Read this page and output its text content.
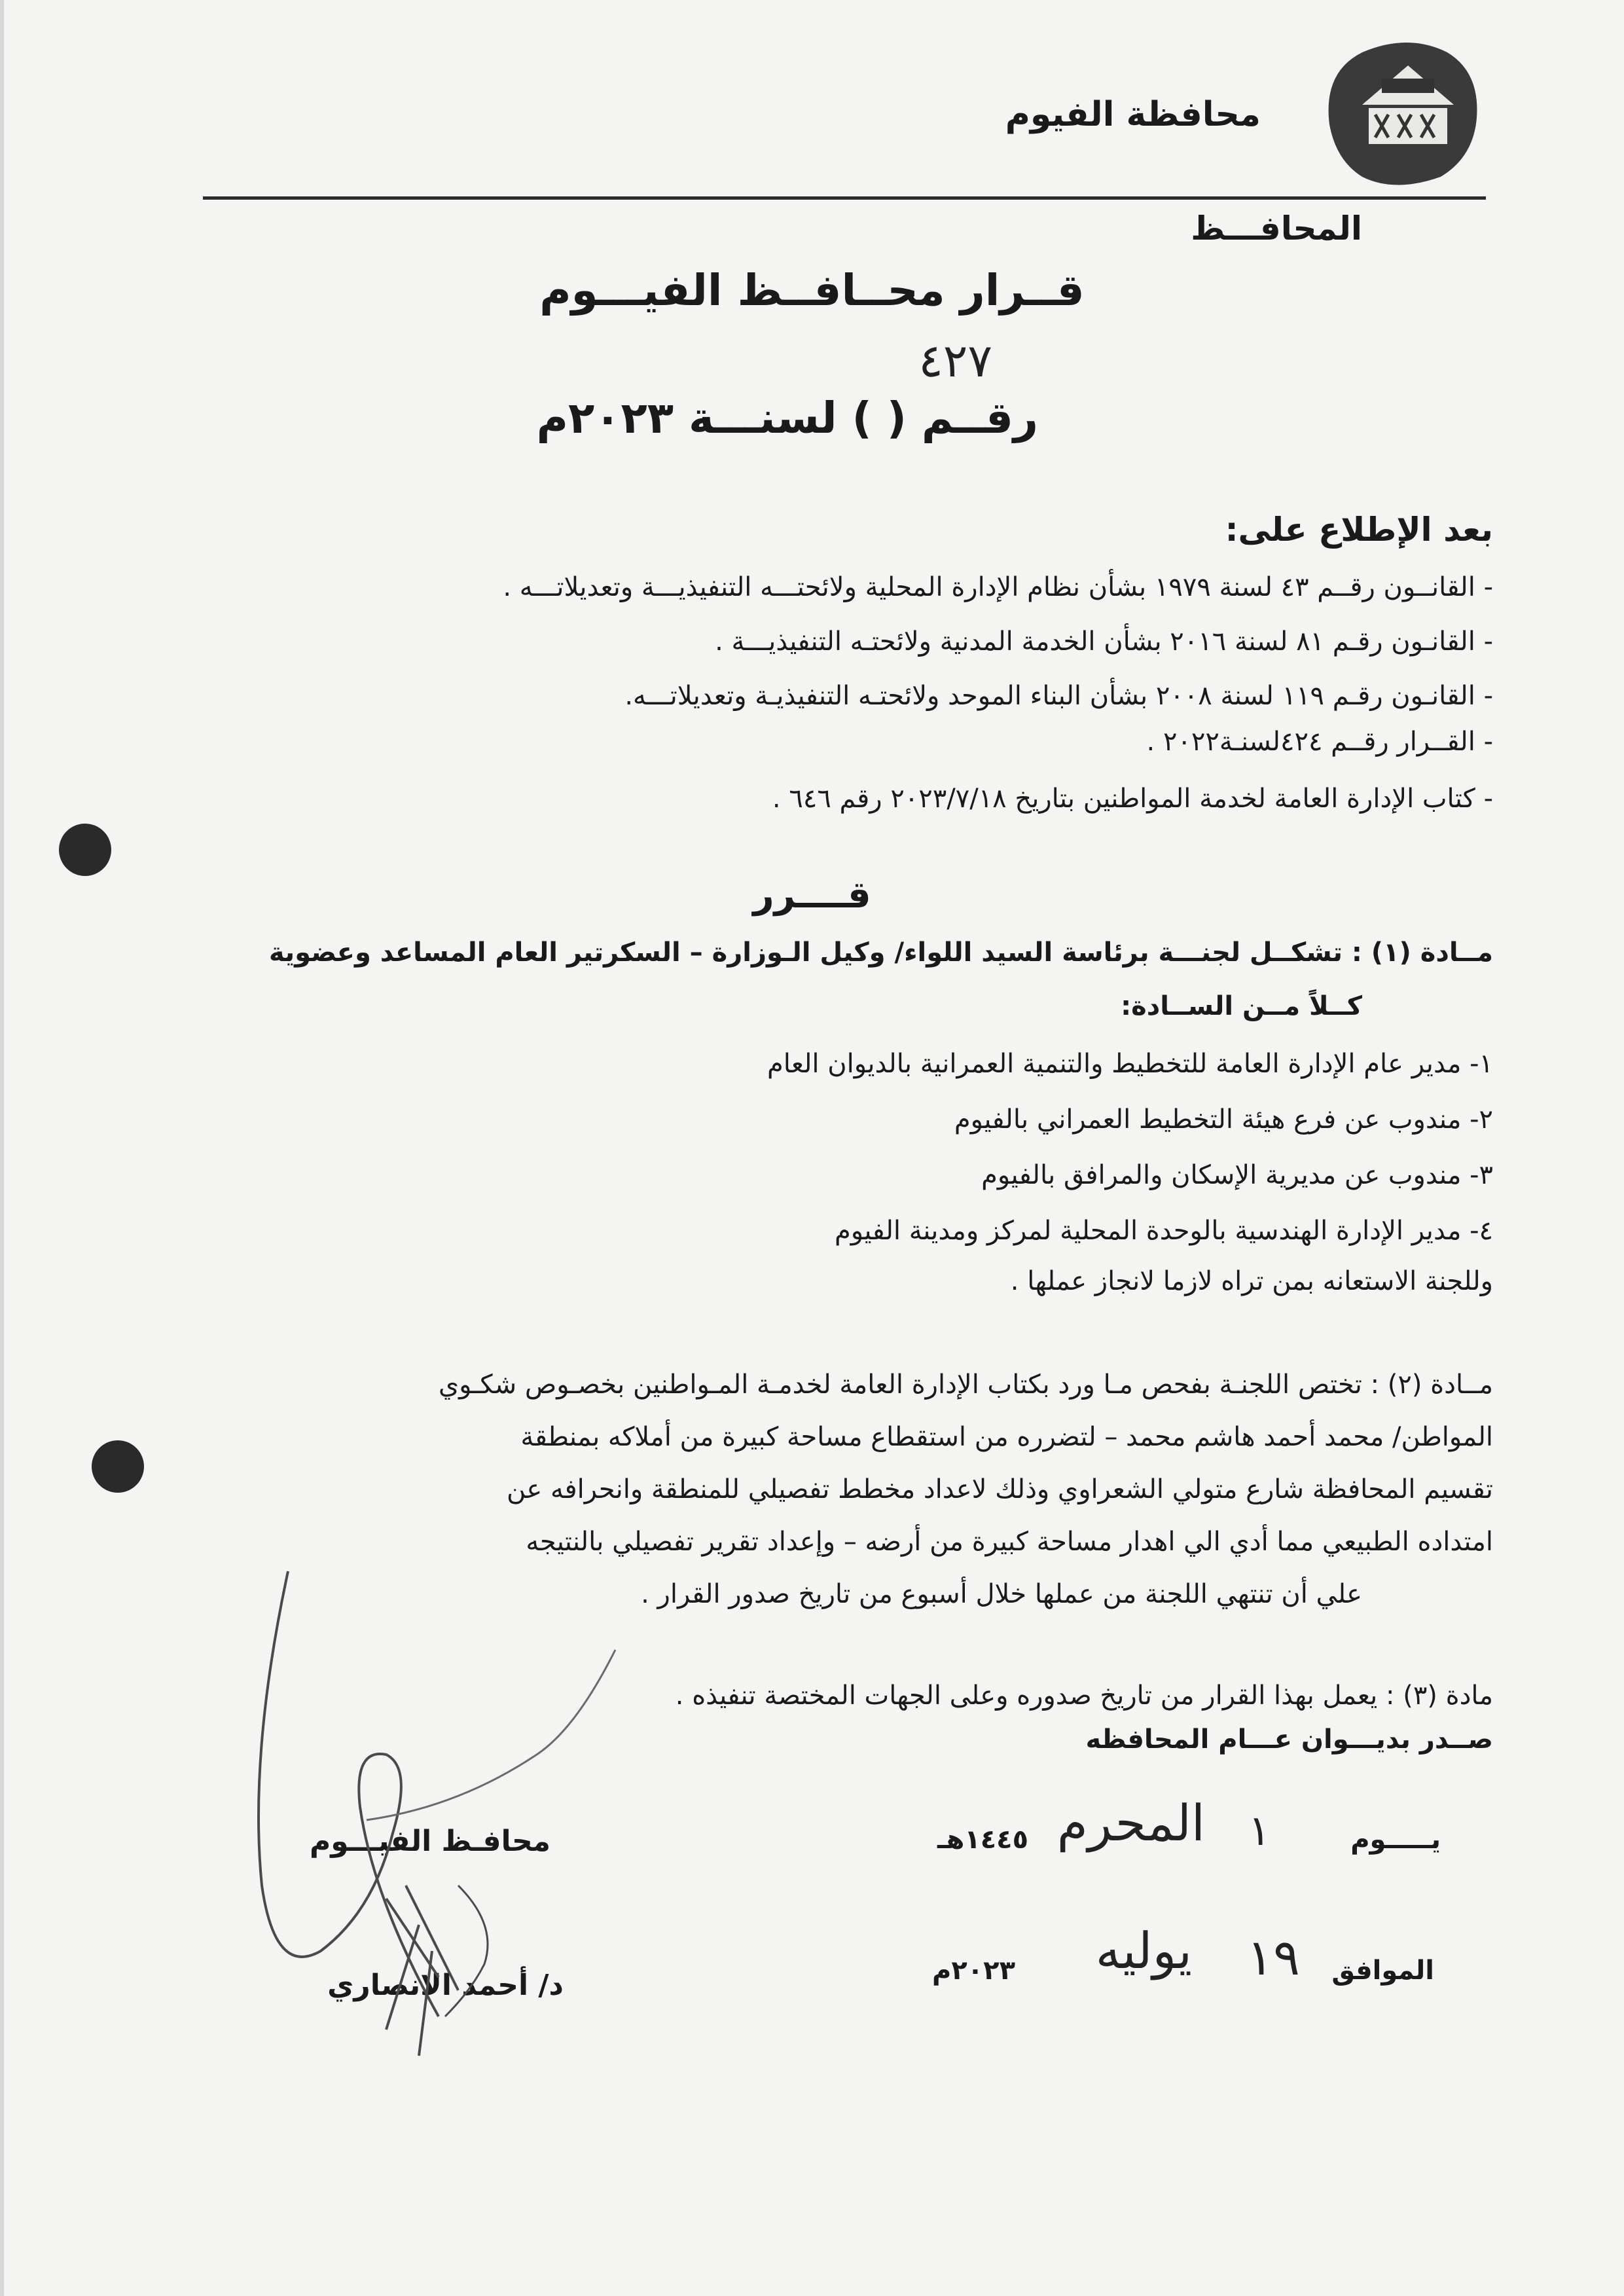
محافظة الفيوم
المحافـــظ
قــرار محــافــظ الفيـــوم
٤٢٧
رقــم ( ) لسنـــة ٢٠٢٣م
بعد الإطلاع على:
- القانــون رقــم ٤٣ لسنة ١٩٧٩ بشأن نظام الإدارة المحلية ولائحتـــه التنفيذيـــة وتعديلاتـــه .
- القانـون رقـم ٨١ لسنة ٢٠١٦ بشأن الخدمة المدنية ولائحتـه التنفيذيـــة .
- القانـون رقـم ١١٩ لسنة ٢٠٠٨ بشأن البناء الموحد ولائحتـه التنفيذيـة وتعديلاتـــه.
- القــرار رقــم ٤٢٤لسنـة٢٠٢٢ .
- كتاب الإدارة العامة لخدمة المواطنين بتاريخ ٢٠٢٣/٧/١٨ رقم ٦٤٦ .
قــــرر
مــادة (١) : تشكــل لجنـــة برئاسة السيد اللواء/ وكيل الـوزارة – السكرتير العام المساعد وعضوية
كــلاً مــن الســادة:
١- مدير عام الإدارة العامة للتخطيط والتنمية العمرانية بالديوان العام
٢- مندوب عن فرع هيئة التخطيط العمراني بالفيوم
٣- مندوب عن مديرية الإسكان والمرافق بالفيوم
٤- مدير الإدارة الهندسية بالوحدة المحلية لمركز ومدينة الفيوم
وللجنة الاستعانه بمن تراه لازما لانجاز عملها .
مــادة (٢) : تختص اللجنـة بفحص مـا ورد بكتاب الإدارة العامة لخدمـة المـواطنين بخصـوص شكـوي
المواطن/ محمد أحمد هاشم محمد – لتضرره من استقطاع مساحة كبيرة من أملاكه بمنطقة
تقسيم المحافظة شارع متولي الشعراوي وذلك لاعداد مخطط تفصيلي للمنطقة وانحرافه عن
امتداده الطبيعي مما أدي الي اهدار مساحة كبيرة من أرضه – وإعداد تقرير تفصيلي بالنتيجه
علي أن تنتهي اللجنة من عملها خلال أسبوع من تاريخ صدور القرار .
مادة (٣) : يعمل بهذا القرار من تاريخ صدوره وعلى الجهات المختصة تنفيذه .
صــدر بديـــوان عـــام المحافظه
يـــــوم
١
المحرم
١٤٤٥هـ
الموافق
١٩
يوليه
٢٠٢٣م
محافـظ الفيـــوم
د/ أحمد الانصاري
